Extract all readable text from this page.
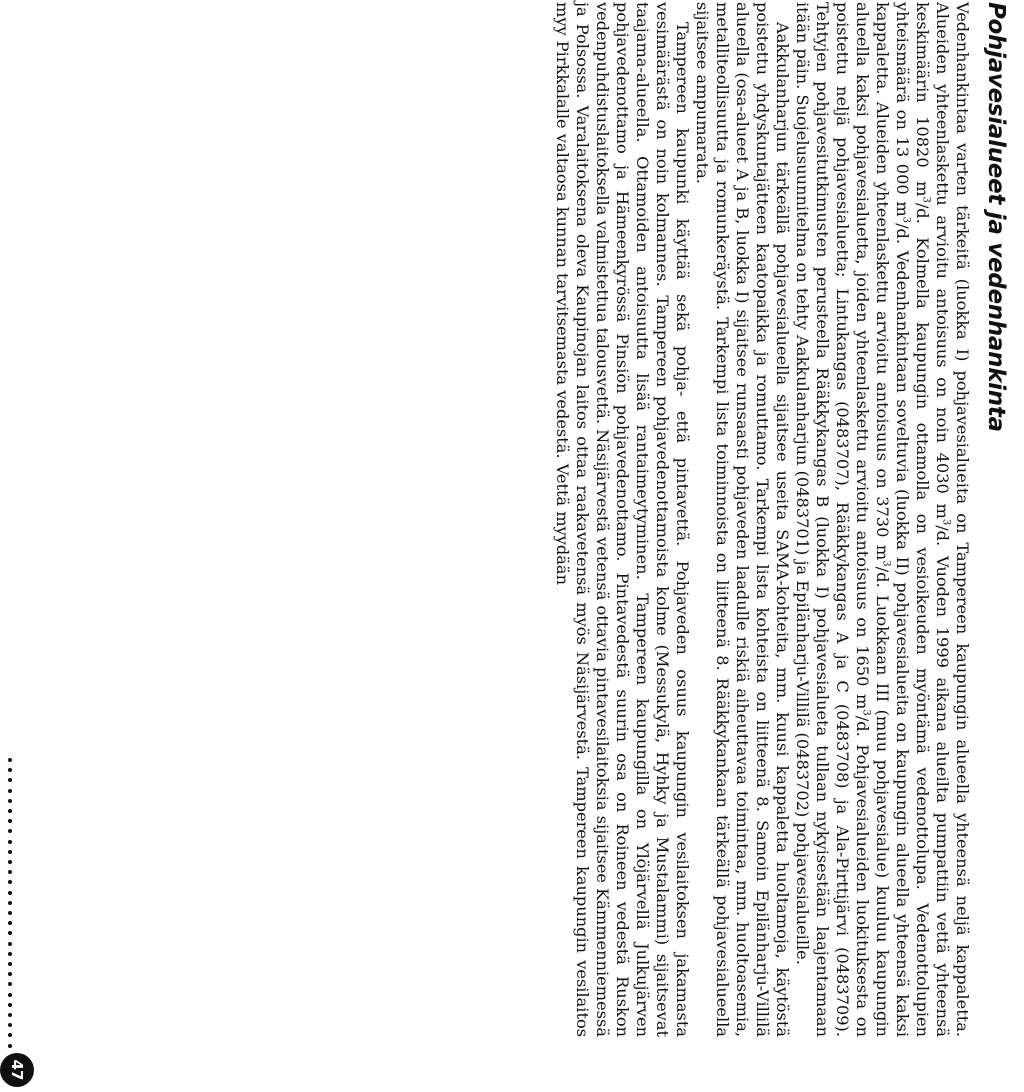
Pohjavesialueet ja vedenhankinta

Vedenhankintaa varten tärkeitä (luokka I) pohjavesialueita on Tampereen kaupungin alueella yhteensä neljä kappaletta. Alueiden yhteenlaskettu arvioitu antoisuus on noin 4030 $m^3/d$. Vuoden 1999 aikana alueilta pumpattiin vettä yhteensä keskimäärin 10820 $m^3/d$. Kolmella kaupungin ottamolla on vesioikeuden myöntämä vedenottolupa. Vedenottolupien yhteismäärä on 13 000 $m^3/d$. Vedenhankintaan soveltuvia (luokka II) pohjavesialueita on kaupungin alueella yhteensä kaksi kappaletta. Alueiden yhteenlaskettu arvioitu antoisuus on 3730 $m^3/d$. Luokkaan III (muu pohjavesialue) kuuluu kaupungin alueella kaksi pohjavesialuetta, joiden yhteenlaskettu arvioitu antoisuus on 1650 $m^3/d$. Pohjavesialueiden luokituksesta on poistettu neljä pohjavesialuetta; Lintukangas (0483707), Rääkkykangas A ja C (0483708) ja Ala-Pirttijärvi (0483709). Tehtyjen pohjavesitutkimusten perusteella Rääkkykangas B (luokka I) pohjavesialueta tullaan nykyisestään laajentamaan itään päin. Suojelusuunnitelma on tehty Aakkulanharjun (0483701) ja Epilänharju-Villilä (0483702) pohjavesialueille.

Aakkulanharjun tärkeällä pohjavesialueella sijaitsee useita SAMA-kohteita, mm. kuusi kappaletta huoltamoja, käytöstä poistettu yhdyskuntajätteen kaatopaikka ja romuttamo. Tarkempi lista kohteista on liitteenä 8. Samoin Epilänharju-Villilä alueella (osa-alueet A ja B, luokka I) sijaitsee runsaasti pohjaveden laadulle riskiä aiheuttavaa toimintaa, mm. huoltoasemia, metalliteollisuutta ja romunkeräystä. Tarkempi lista toiminnoista on liitteenä 8. Rääkkykankaan tärkeällä pohjavesialueella sijaitsee ampumarata.

Tampereen kaupunki käyttää sekä pohja- että pintavettä. Pohjaveden osuus kaupungin vesilaitoksen jakamasta vesimäärästä on noin kolmannes. Tampereen pohjavedenottamoista kolme (Messukylä, Hyhky ja Mustalammi) sijaitsevat taajama-alueella. Ottamoiden antoisuutta lisää rantaimeytyminen. Tampereen kaupungilla on Ylöjärvellä Julkujärven pohjavedenottamo ja Hämeenkyrössä Pinsiön pohjavedenottamo. Pintavedestä suurin osa on Roineen vedestä Ruskon vedenpuhdistuslaitoksella valmistettua talousvettä. Näsijärvestä vetensä ottavia pintavesilaitoksia sijaitsee Kämmenniemessä ja Polsossa. Varalaitoksena oleva Kaupinojan laitos ottaa raakavetensä myös Näsijärvestä. Tampereen kaupungin vesilaitos myy Pirkkalalle valtaosa kunnan tarvitsemasta vedestä. Vettä myydään

47
